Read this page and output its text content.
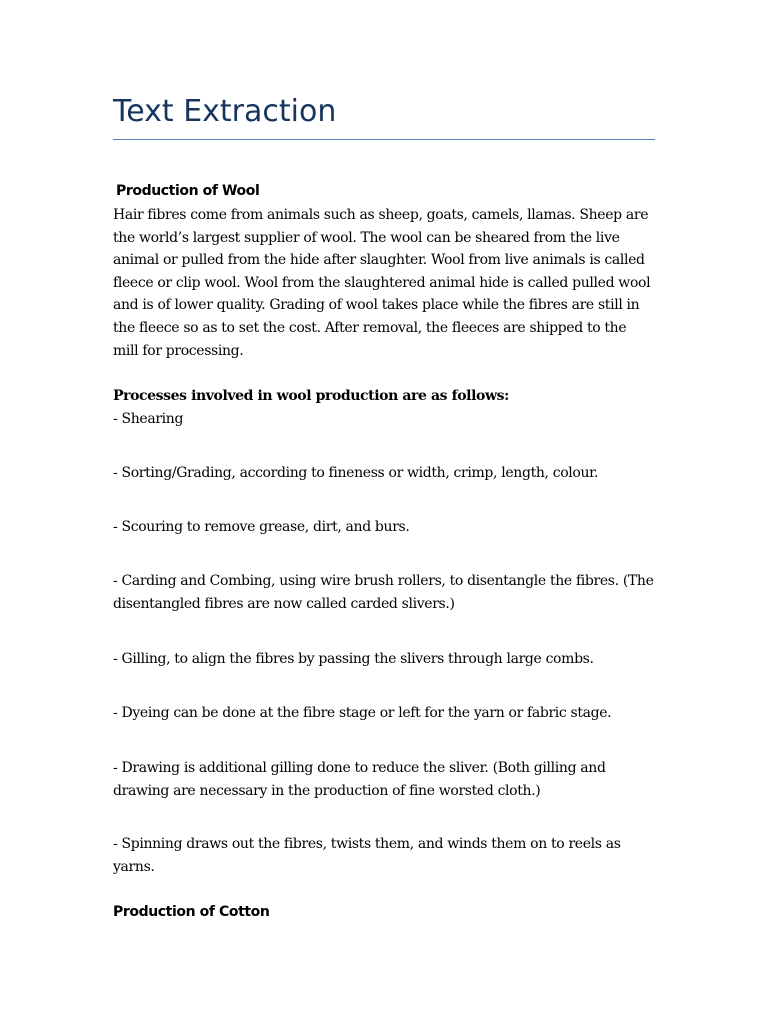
Text Extraction
Production of Wool

Hair fibres come from animals such as sheep, goats, camels, llamas. Sheep are the world’s largest supplier of wool. The wool can be sheared from the live animal or pulled from the hide after slaughter. Wool from live animals is called fleece or clip wool. Wool from the slaughtered animal hide is called pulled wool and is of lower quality. Grading of wool takes place while the fibres are still in the fleece so as to set the cost. After removal, the fleeces are shipped to the mill for processing.

Processes involved in wool production are as follows:

- Shearing

- Sorting/Grading, according to fineness or width, crimp, length, colour.

- Scouring to remove grease, dirt, and burs.

- Carding and Combing, using wire brush rollers, to disentangle the fibres. (The disentangled fibres are now called carded slivers.)

- Gilling, to align the fibres by passing the slivers through large combs.

- Dyeing can be done at the fibre stage or left for the yarn or fabric stage.

- Drawing is additional gilling done to reduce the sliver. (Both gilling and drawing are necessary in the production of fine worsted cloth.)

- Spinning draws out the fibres, twists them, and winds them on to reels as yarns.

Production of Cotton
